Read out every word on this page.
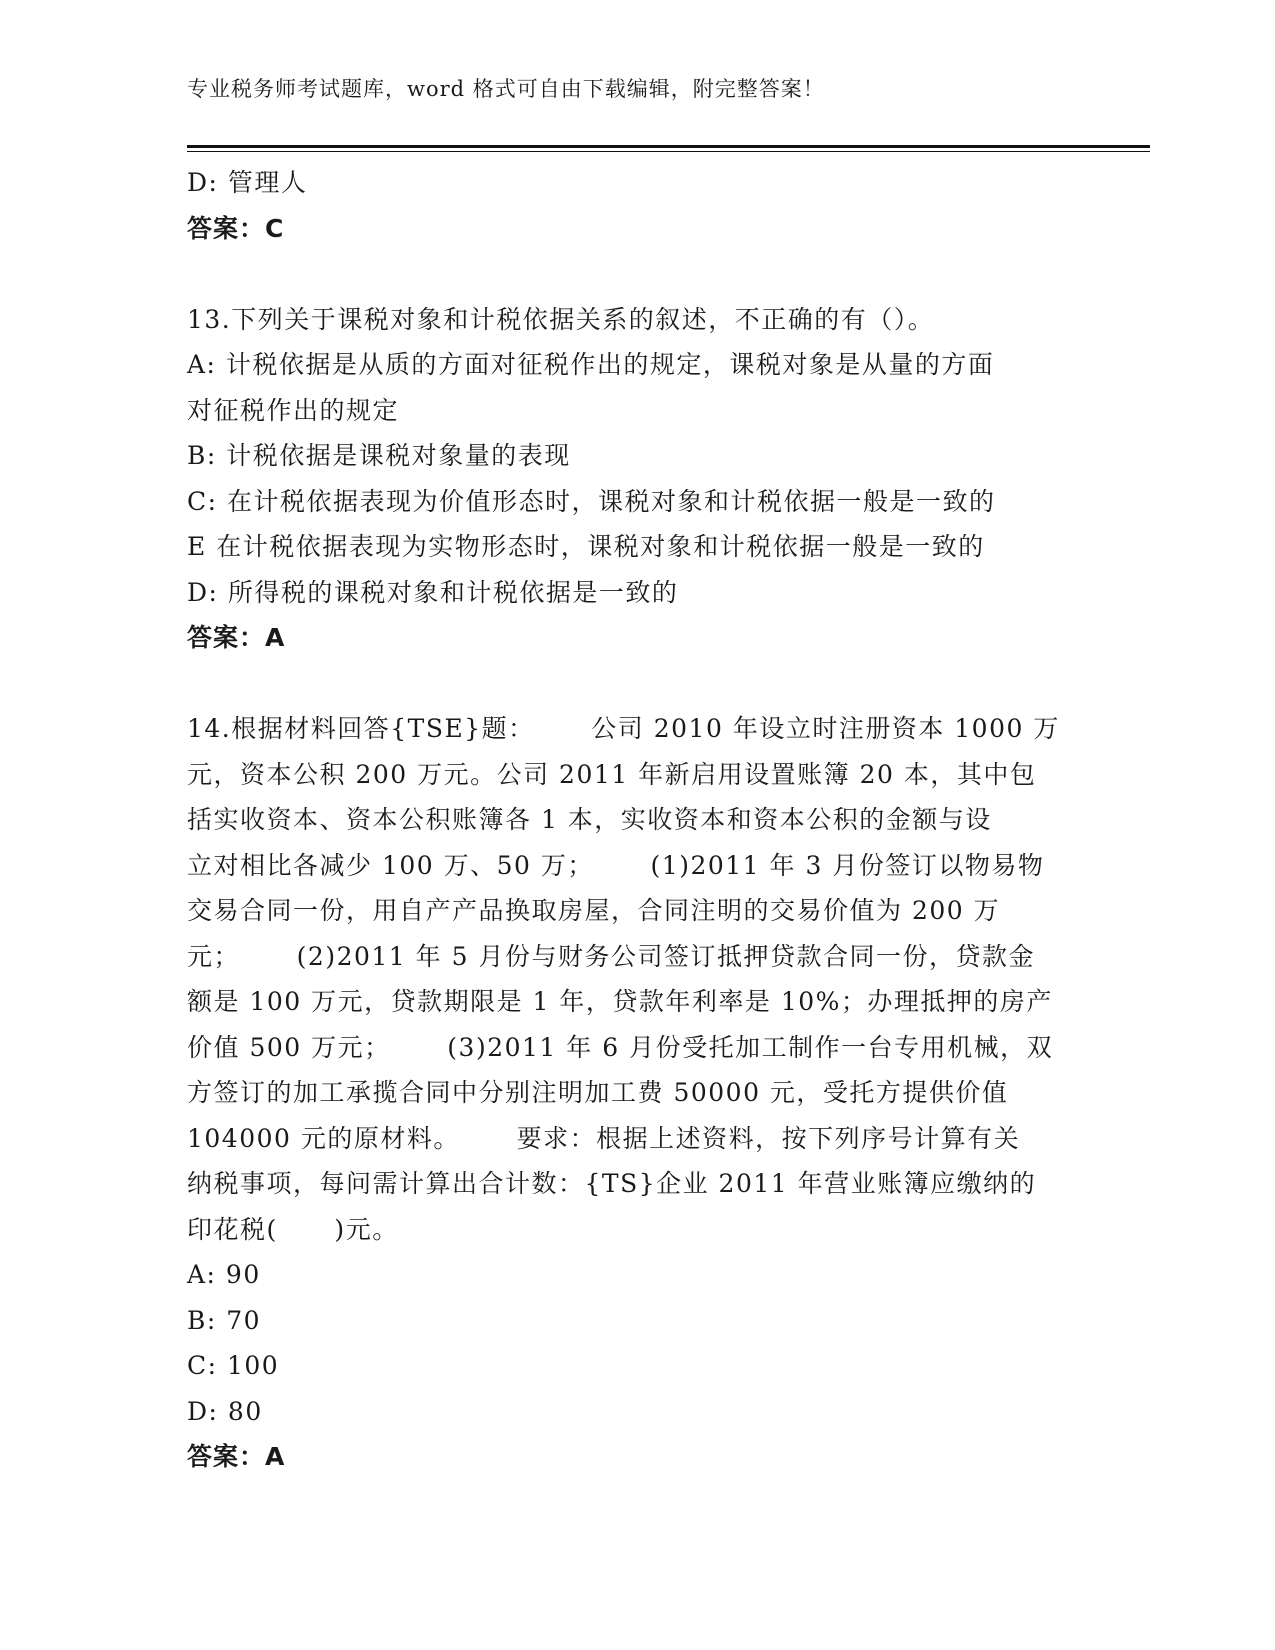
专业税务师考试题库，word 格式可自由下载编辑，附完整答案！
D: 管理人
答案：C
13.下列关于课税对象和计税依据关系的叙述，不正确的有（）。
A: 计税依据是从质的方面对征税作出的规定，课税对象是从量的方面
对征税作出的规定
B: 计税依据是课税对象量的表现
C: 在计税依据表现为价值形态时，课税对象和计税依据一般是一致的
E 在计税依据表现为实物形态时，课税对象和计税依据一般是一致的
D: 所得税的课税对象和计税依据是一致的
答案：A
14.根据材料回答{TSE}题：      公司 2010 年设立时注册资本 1000 万
元，资本公积 200 万元。公司 2011 年新启用设置账簿 20 本，其中包
括实收资本、资本公积账簿各 1 本，实收资本和资本公积的金额与设
立对相比各减少 100 万、50 万；      (1)2011 年 3 月份签订以物易物
交易合同一份，用自产产品换取房屋，合同注明的交易价值为 200 万
元；      (2)2011 年 5 月份与财务公司签订抵押贷款合同一份，贷款金
额是 100 万元，贷款期限是 1 年，贷款年利率是 10%；办理抵押的房产
价值 500 万元；      (3)2011 年 6 月份受托加工制作一台专用机械，双
方签订的加工承揽合同中分别注明加工费 50000 元，受托方提供价值
104000 元的原材料。      要求：根据上述资料，按下列序号计算有关
纳税事项，每问需计算出合计数：{TS}企业 2011 年营业账簿应缴纳的
印花税(      )元。
A: 90
B: 70
C: 100
D: 80
答案：A
